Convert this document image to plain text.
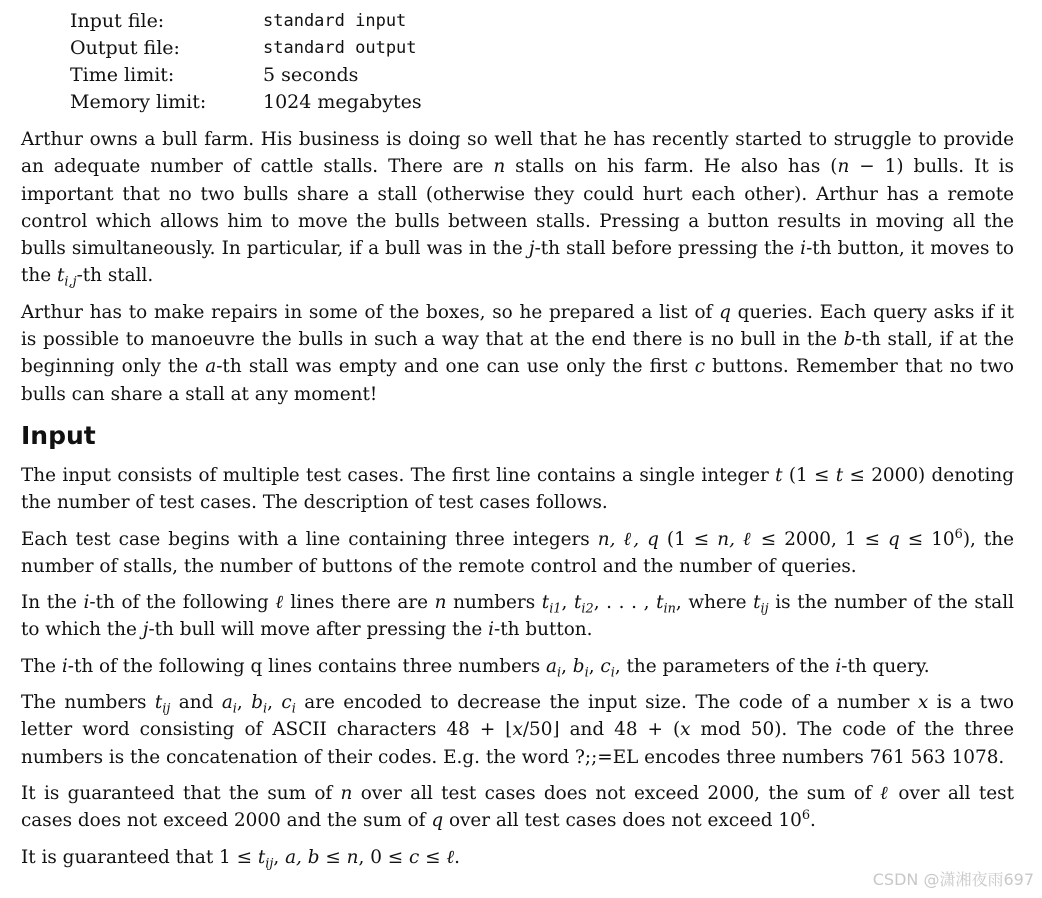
Input file:	standard input
Output file:	standard output
Time limit:	5 seconds
Memory limit:	1024 megabytes

Arthur owns a bull farm. His business is doing so well that he has recently started to struggle to provide an adequate number of cattle stalls. There are n stalls on his farm. He also has (n − 1) bulls. It is important that no two bulls share a stall (otherwise they could hurt each other). Arthur has a remote control which allows him to move the bulls between stalls. Pressing a button results in moving all the bulls simultaneously. In particular, if a bull was in the j-th stall before pressing the i-th button, it moves to the $t_{i,j}-th$ stall.

Arthur has to make repairs in some of the boxes, so he prepared a list of q queries. Each query asks if it is possible to manoeuvre the bulls in such a way that at the end there is no bull in the b-th stall, if at the beginning only the a-th stall was empty and one can use only the first c buttons. Remember that no two bulls can share a stall at any moment!

Input

The input consists of multiple test cases. The first line contains a single integer t (1 ≤ t ≤ 2000) denoting the number of test cases. The description of test cases follows.

Each test case begins with a line containing three integers n, ℓ, q (1 ≤ n, ℓ ≤ 2000, $1 \le q \le 10^6$), the number of stalls, the number of buttons of the remote control and the number of queries.

In the i-th of the following ℓ lines there are n numbers $t_{i1}$, $t_{i2}$, . . . , $t_{in}$, where $t_{ij}$ is the number of the stall to which the j-th bull will move after pressing the i-th button.

The i-th of the following q lines contains three numbers $a_i$, $b_i$, $c_i$, the parameters of the i-th query.

The numbers $t_{ij}$ and $a_i$, $b_i$, $c_i$ are encoded to decrease the input size. The code of a number x is a two letter word consisting of ASCII characters 48 + ⌊x/50⌋ and 48 + (x mod 50). The code of the three numbers is the concatenation of their codes. E.g. the word ?;;=EL encodes three numbers 761 563 1078.

It is guaranteed that the sum of n over all test cases does not exceed 2000, the sum of ℓ over all test cases does not exceed 2000 and the sum of q over all test cases does not exceed $10^6$.

It is guaranteed that $1 \le t_{ij}$, a, b ≤ n, 0 ≤ c ≤ ℓ.

CSDN @潇湘夜雨697
